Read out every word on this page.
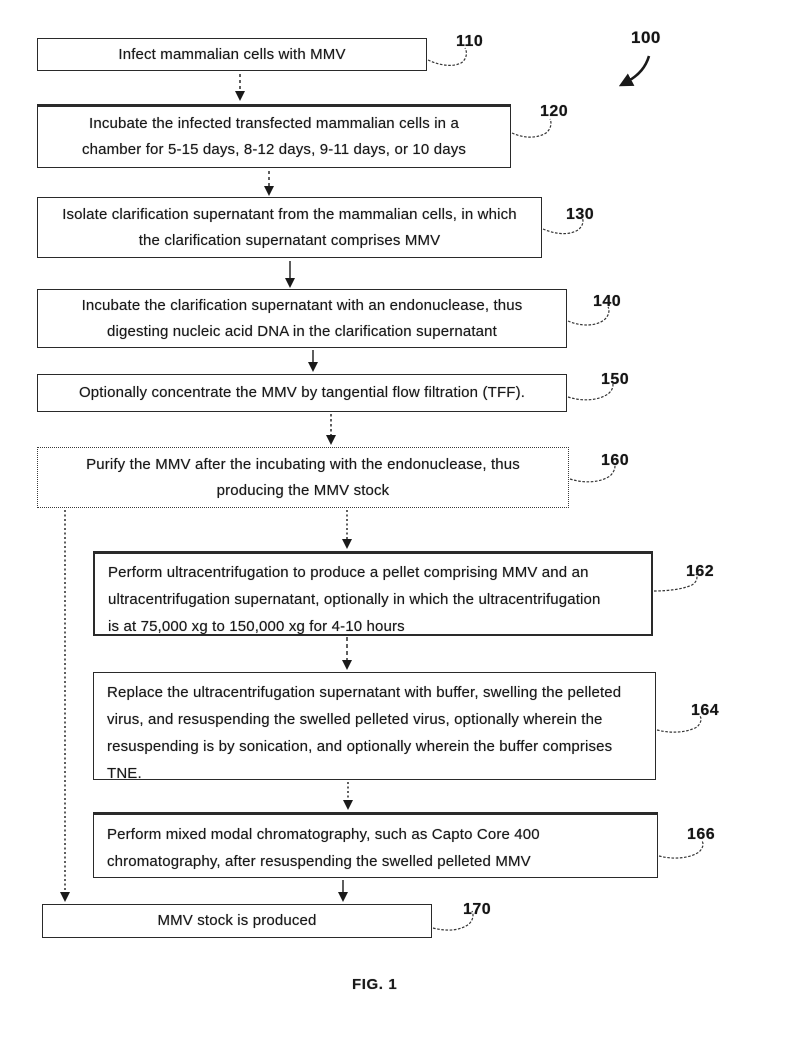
Infect mammalian cells with MMV
Incubate the infected transfected mammalian cells in a chamber for 5-15 days, 8-12 days, 9-11 days, or 10 days
Isolate clarification supernatant from the mammalian cells, in which the clarification supernatant comprises MMV
Incubate the clarification supernatant with an endonuclease, thus digesting nucleic acid DNA in the clarification supernatant
Optionally concentrate the MMV by tangential flow filtration (TFF).
Purify the MMV after the incubating with the endonuclease, thus producing the MMV stock
Perform ultracentrifugation to produce a pellet comprising MMV and an ultracentrifugation supernatant, optionally in which the ultracentrifugation is at 75,000 xg to 150,000 xg for 4-10 hours
Replace the ultracentrifugation supernatant with buffer, swelling the pelleted virus, and resuspending the swelled pelleted virus, optionally wherein the resuspending is by sonication, and optionally wherein the buffer comprises TNE.
Perform mixed modal chromatography, such as Capto Core 400 chromatography, after resuspending the swelled pelleted MMV
MMV stock is produced
110
120
130
140
150
160
162
164
166
170
100
FIG. 1
